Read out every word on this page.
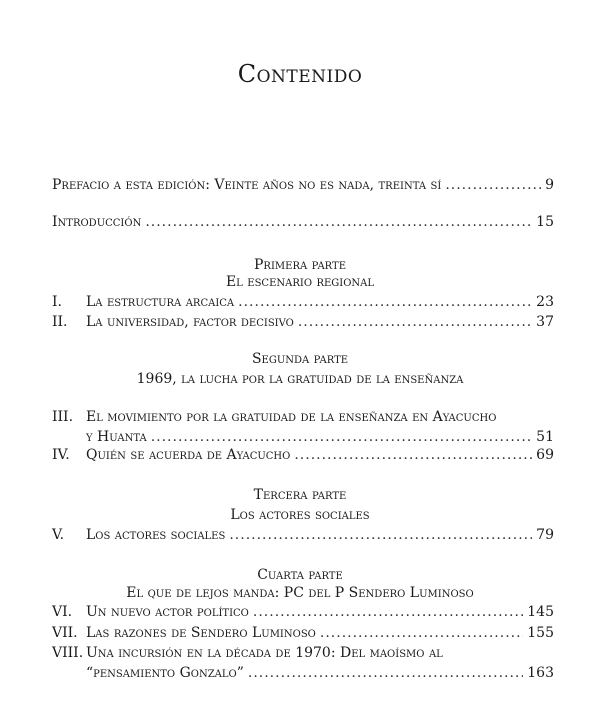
Contenido
Prefacio a esta edición: Veinte años no es nada, treinta sí .....	9
Introducción .....	15
Primera parte
El escenario regional
I.	La estructura arcaica .....	23
II.	La universidad, factor decisivo .....	37
Segunda parte
1969, la lucha por la gratuidad de la enseñanza
III. El movimiento por la gratuidad de la enseñanza en Ayacucho
y Huanta .....	51
IV.	Quién se acuerda de Ayacucho .....	69
Tercera parte
Los actores sociales
V.	Los actores sociales .....	79
Cuarta parte
El que de lejos manda: PC del P Sendero Luminoso
VI. Un nuevo actor político .....	145
VII. Las razones de Sendero Luminoso .....	155
VIII. Una incursión en la década de 1970: Del maoísmo al
“pensamiento Gonzalo” .....	163
